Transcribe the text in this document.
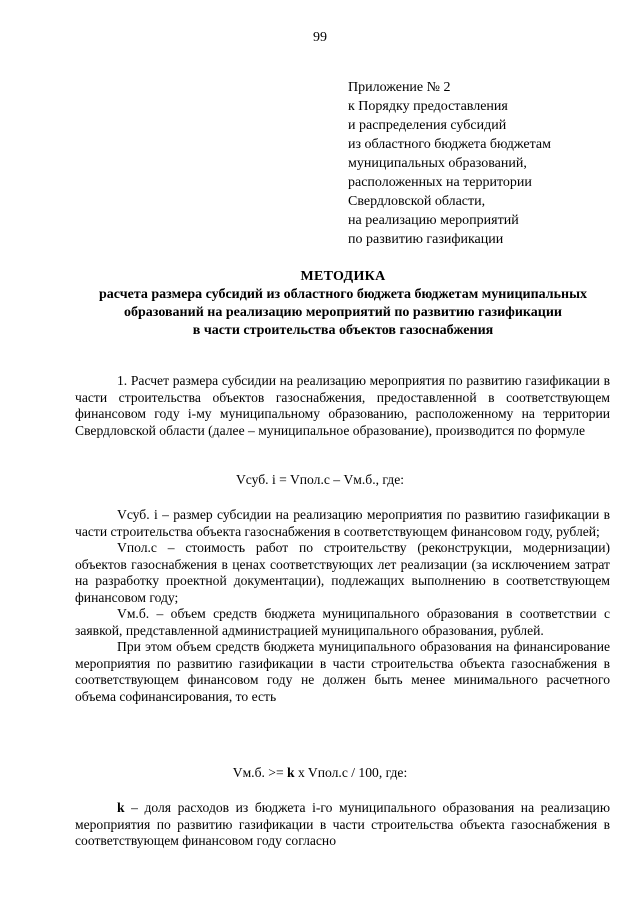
99
Приложение № 2
к Порядку предоставления
и распределения субсидий
из областного бюджета бюджетам
муниципальных образований,
расположенных на территории
Свердловской области,
на реализацию мероприятий
по развитию газификации
МЕТОДИКА
расчета размера субсидий из областного бюджета бюджетам муниципальных
образований на реализацию мероприятий по развитию газификации
в части строительства объектов газоснабжения

1. Расчет размера субсидии на реализацию мероприятия по развитию газификации в части строительства объектов газоснабжения, предоставленной в соответствующем финансовом году i-му муниципальному образованию, расположенному на территории Свердловской области (далее – муниципальное образование), производится по формуле

Vсуб. i = Vпол.с – Vм.б., где:

Vсуб. i – размер субсидии на реализацию мероприятия по развитию газификации в части строительства объекта газоснабжения в соответствующем финансовом году, рублей;

Vпол.с – стоимость работ по строительству (реконструкции, модернизации) объектов газоснабжения в ценах соответствующих лет реализации (за исключением затрат на разработку проектной документации), подлежащих выполнению в соответствующем финансовом году;

Vм.б. – объем средств бюджета муниципального образования в соответствии с заявкой, представленной администрацией муниципального образования, рублей.

При этом объем средств бюджета муниципального образования на финансирование мероприятия по развитию газификации в части строительства объекта газоснабжения в соответствующем финансовом году не должен быть менее минимального расчетного объема софинансирования, то есть

Vм.б. >= k x Vпол.с / 100, где:

k – доля расходов из бюджета i-го муниципального образования на реализацию мероприятия по развитию газификации в части строительства объекта газоснабжения в соответствующем финансовом году согласно
